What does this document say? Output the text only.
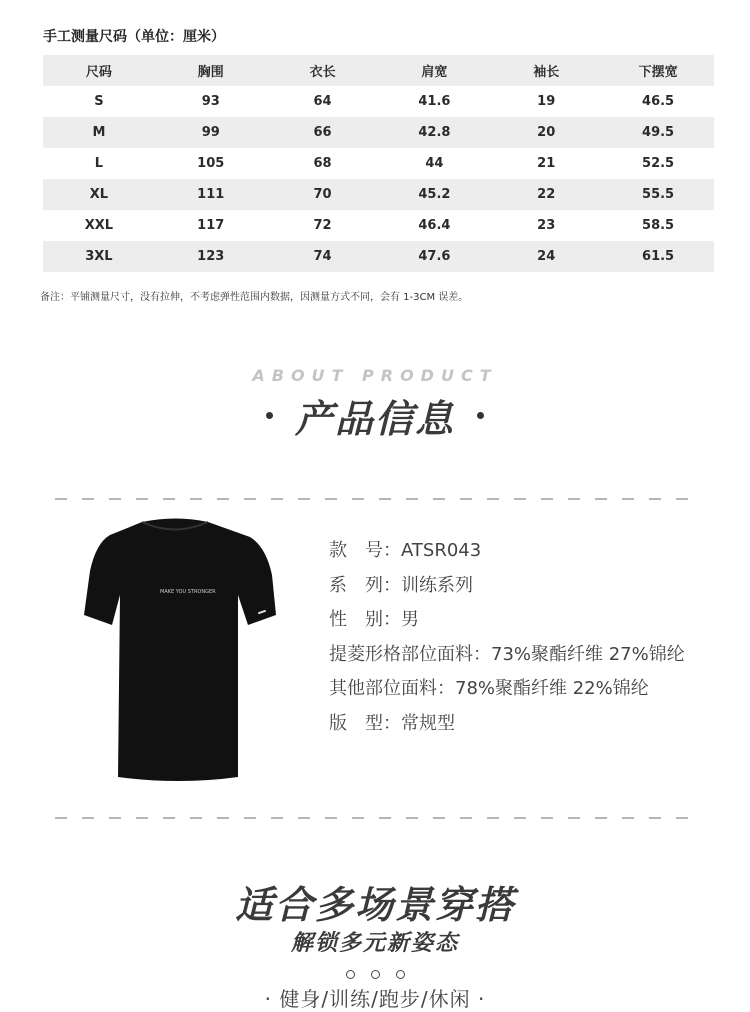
手工测量尺码（单位：厘米）
尺码	胸围	衣长	肩宽	袖长	下摆宽
S	93	64	41.6	19	46.5
M	99	66	42.8	20	49.5
L	105	68	44	21	52.5
XL	111	70	45.2	22	55.5
XXL	117	72	46.4	23	58.5
3XL	123	74	47.6	24	61.5
备注：平铺测量尺寸，没有拉伸，不考虑弹性范围内数据，因测量方式不同，会有 1-3CM 误差。
ABOUT PRODUCT
产品信息
MAKE YOU STRONGER
款　号：ATSR043
系　列：训练系列
性　别：男
提菱形格部位面料：73%聚酯纤维 27%锦纶
其他部位面料：78%聚酯纤维 22%锦纶
版　型：常规型
适合多场景穿搭
解锁多元新姿态
· 健身/训练/跑步/休闲 ·
